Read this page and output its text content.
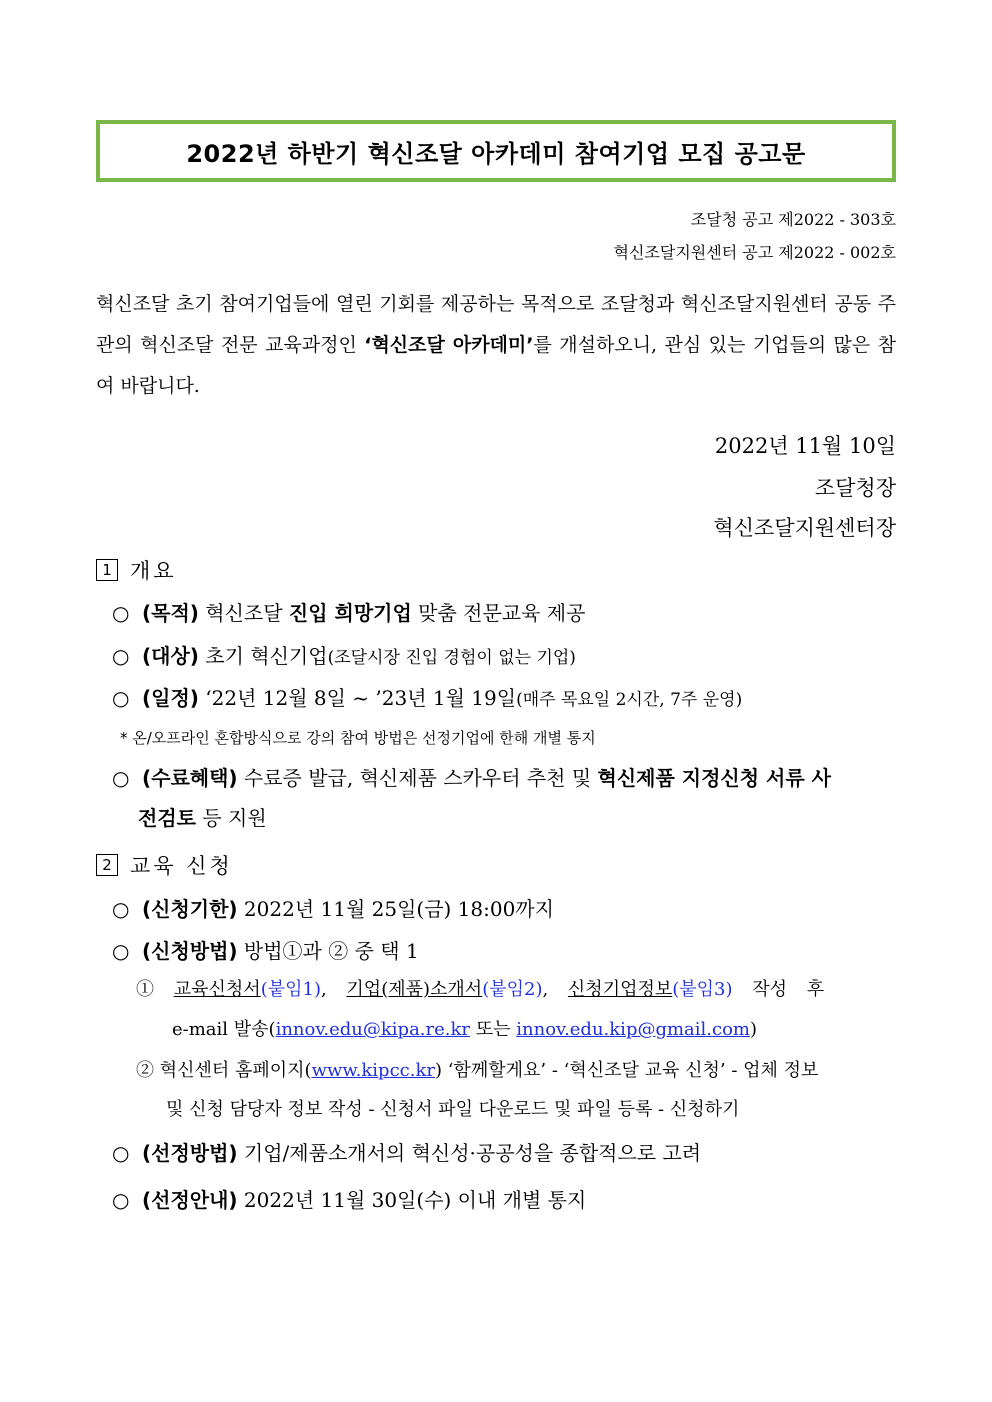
2022년 하반기 혁신조달 아카데미 참여기업 모집 공고문
조달청 공고 제2022 - 303호
혁신조달지원센터 공고 제2022 - 002호
혁신조달 초기 참여기업들에 열린 기회를 제공하는 목적으로 조달청과 혁신조달지원센터 공동 주관의 혁신조달 전문 교육과정인 ‘혁신조달 아카데미’를 개설하오니, 관심 있는 기업들의 많은 참여 바랍니다.
2022년 11월 10일
조달청장
혁신조달지원센터장
1 개요
○ (목적) 혁신조달 진입 희망기업 맞춤 전문교육 제공
○ (대상) 초기 혁신기업(조달시장 진입 경험이 없는 기업)
○ (일정) ‘22년 12월 8일 ~ ’23년 1월 19일(매주 목요일 2시간, 7주 운영)
* 온/오프라인 혼합방식으로 강의 참여 방법은 선정기업에 한해 개별 통지
○ (수료혜택) 수료증 발급, 혁신제품 스카우터 추천 및 혁신제품 지정신청 서류 사
전검토 등 지원
2 교육 신청
○ (신청기한) 2022년 11월 25일(금) 18:00까지
○ (신청방법) 방법①과 ② 중 택 1
① 교육신청서(붙임1), 기업(제품)소개서(붙임2), 신청기업정보(붙임3) 작성 후
e-mail 발송(innov.edu@kipa.re.kr 또는 innov.edu.kip@gmail.com)
② 혁신센터 홈페이지(www.kipcc.kr) ‘함께할게요’ - ‘혁신조달 교육 신청’ - 업체 정보
및 신청 담당자 정보 작성 - 신청서 파일 다운로드 및 파일 등록 - 신청하기
○ (선정방법) 기업/제품소개서의 혁신성·공공성을 종합적으로 고려
○ (선정안내) 2022년 11월 30일(수) 이내 개별 통지
